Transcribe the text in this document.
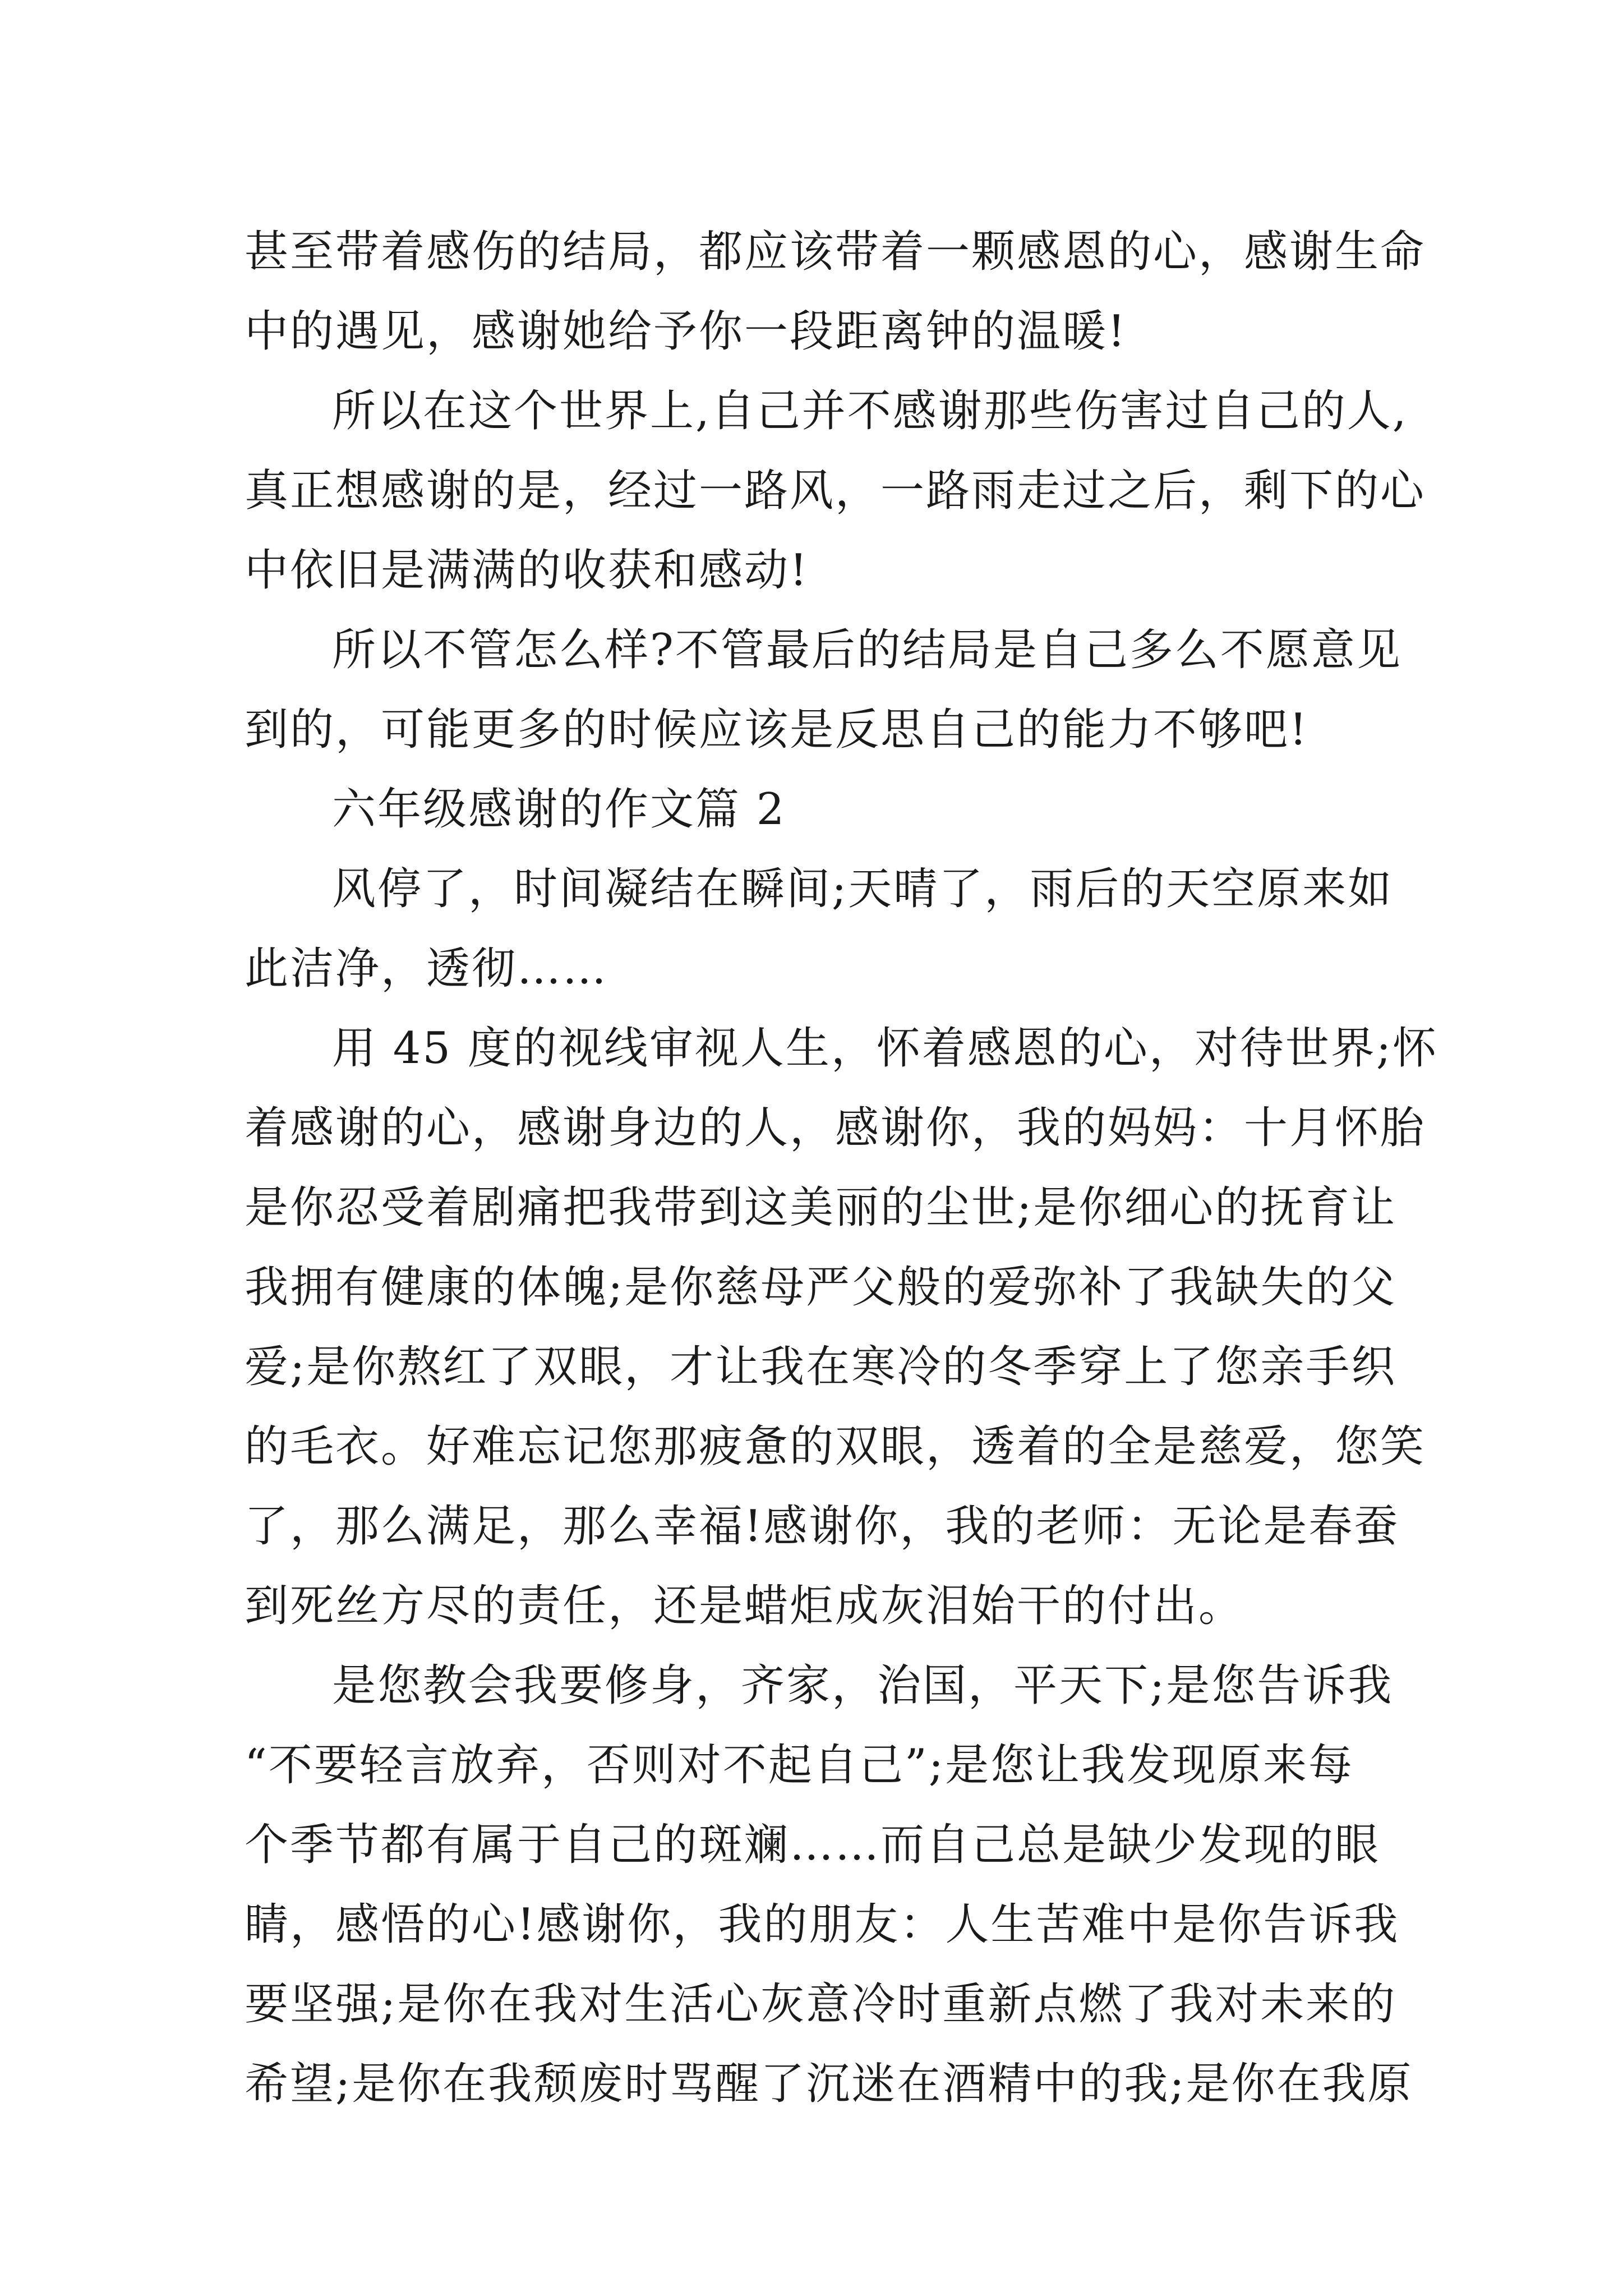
甚至带着感伤的结局，都应该带着一颗感恩的心，感谢生命
中的遇见，感谢她给予你一段距离钟的温暖!
所以在这个世界上,自己并不感谢那些伤害过自己的人,
真正想感谢的是，经过一路风，一路雨走过之后，剩下的心
中依旧是满满的收获和感动!
所以不管怎么样?不管最后的结局是自己多么不愿意见
到的，可能更多的时候应该是反思自己的能力不够吧!
六年级感谢的作文篇 2
风停了，时间凝结在瞬间;天晴了，雨后的天空原来如
此洁净，透彻……
用 45 度的视线审视人生，怀着感恩的心，对待世界;怀
着感谢的心，感谢身边的人，感谢你，我的妈妈：十月怀胎
是你忍受着剧痛把我带到这美丽的尘世;是你细心的抚育让
我拥有健康的体魄;是你慈母严父般的爱弥补了我缺失的父
爱;是你熬红了双眼，才让我在寒冷的冬季穿上了您亲手织
的毛衣。好难忘记您那疲惫的双眼，透着的全是慈爱，您笑
了，那么满足，那么幸福!感谢你，我的老师：无论是春蚕
到死丝方尽的责任，还是蜡炬成灰泪始干的付出。
是您教会我要修身，齐家，治国，平天下;是您告诉我
“不要轻言放弃，否则对不起自己”;是您让我发现原来每
个季节都有属于自己的斑斓……而自己总是缺少发现的眼
睛，感悟的心!感谢你，我的朋友：人生苦难中是你告诉我
要坚强;是你在我对生活心灰意冷时重新点燃了我对未来的
希望;是你在我颓废时骂醒了沉迷在酒精中的我;是你在我原
